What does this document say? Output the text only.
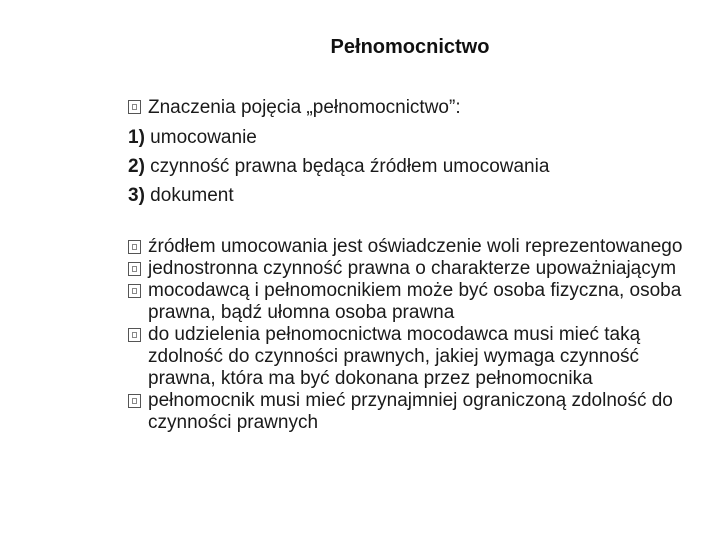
Pełnomocnictwo
Znaczenia pojęcia „pełnomocnictwo”:
1) umocowanie
2) czynność prawna będąca źródłem umocowania
3) dokument
źródłem umocowania jest oświadczenie woli reprezentowanego
jednostronna czynność prawna o charakterze upoważniającym
mocodawcą i pełnomocnikiem może być osoba fizyczna, osoba prawna, bądź ułomna osoba prawna
do udzielenia pełnomocnictwa mocodawca musi mieć taką zdolność do czynności prawnych, jakiej wymaga czynność prawna, która ma być dokonana przez pełnomocnika
pełnomocnik musi mieć przynajmniej ograniczoną zdolność do czynności prawnych
